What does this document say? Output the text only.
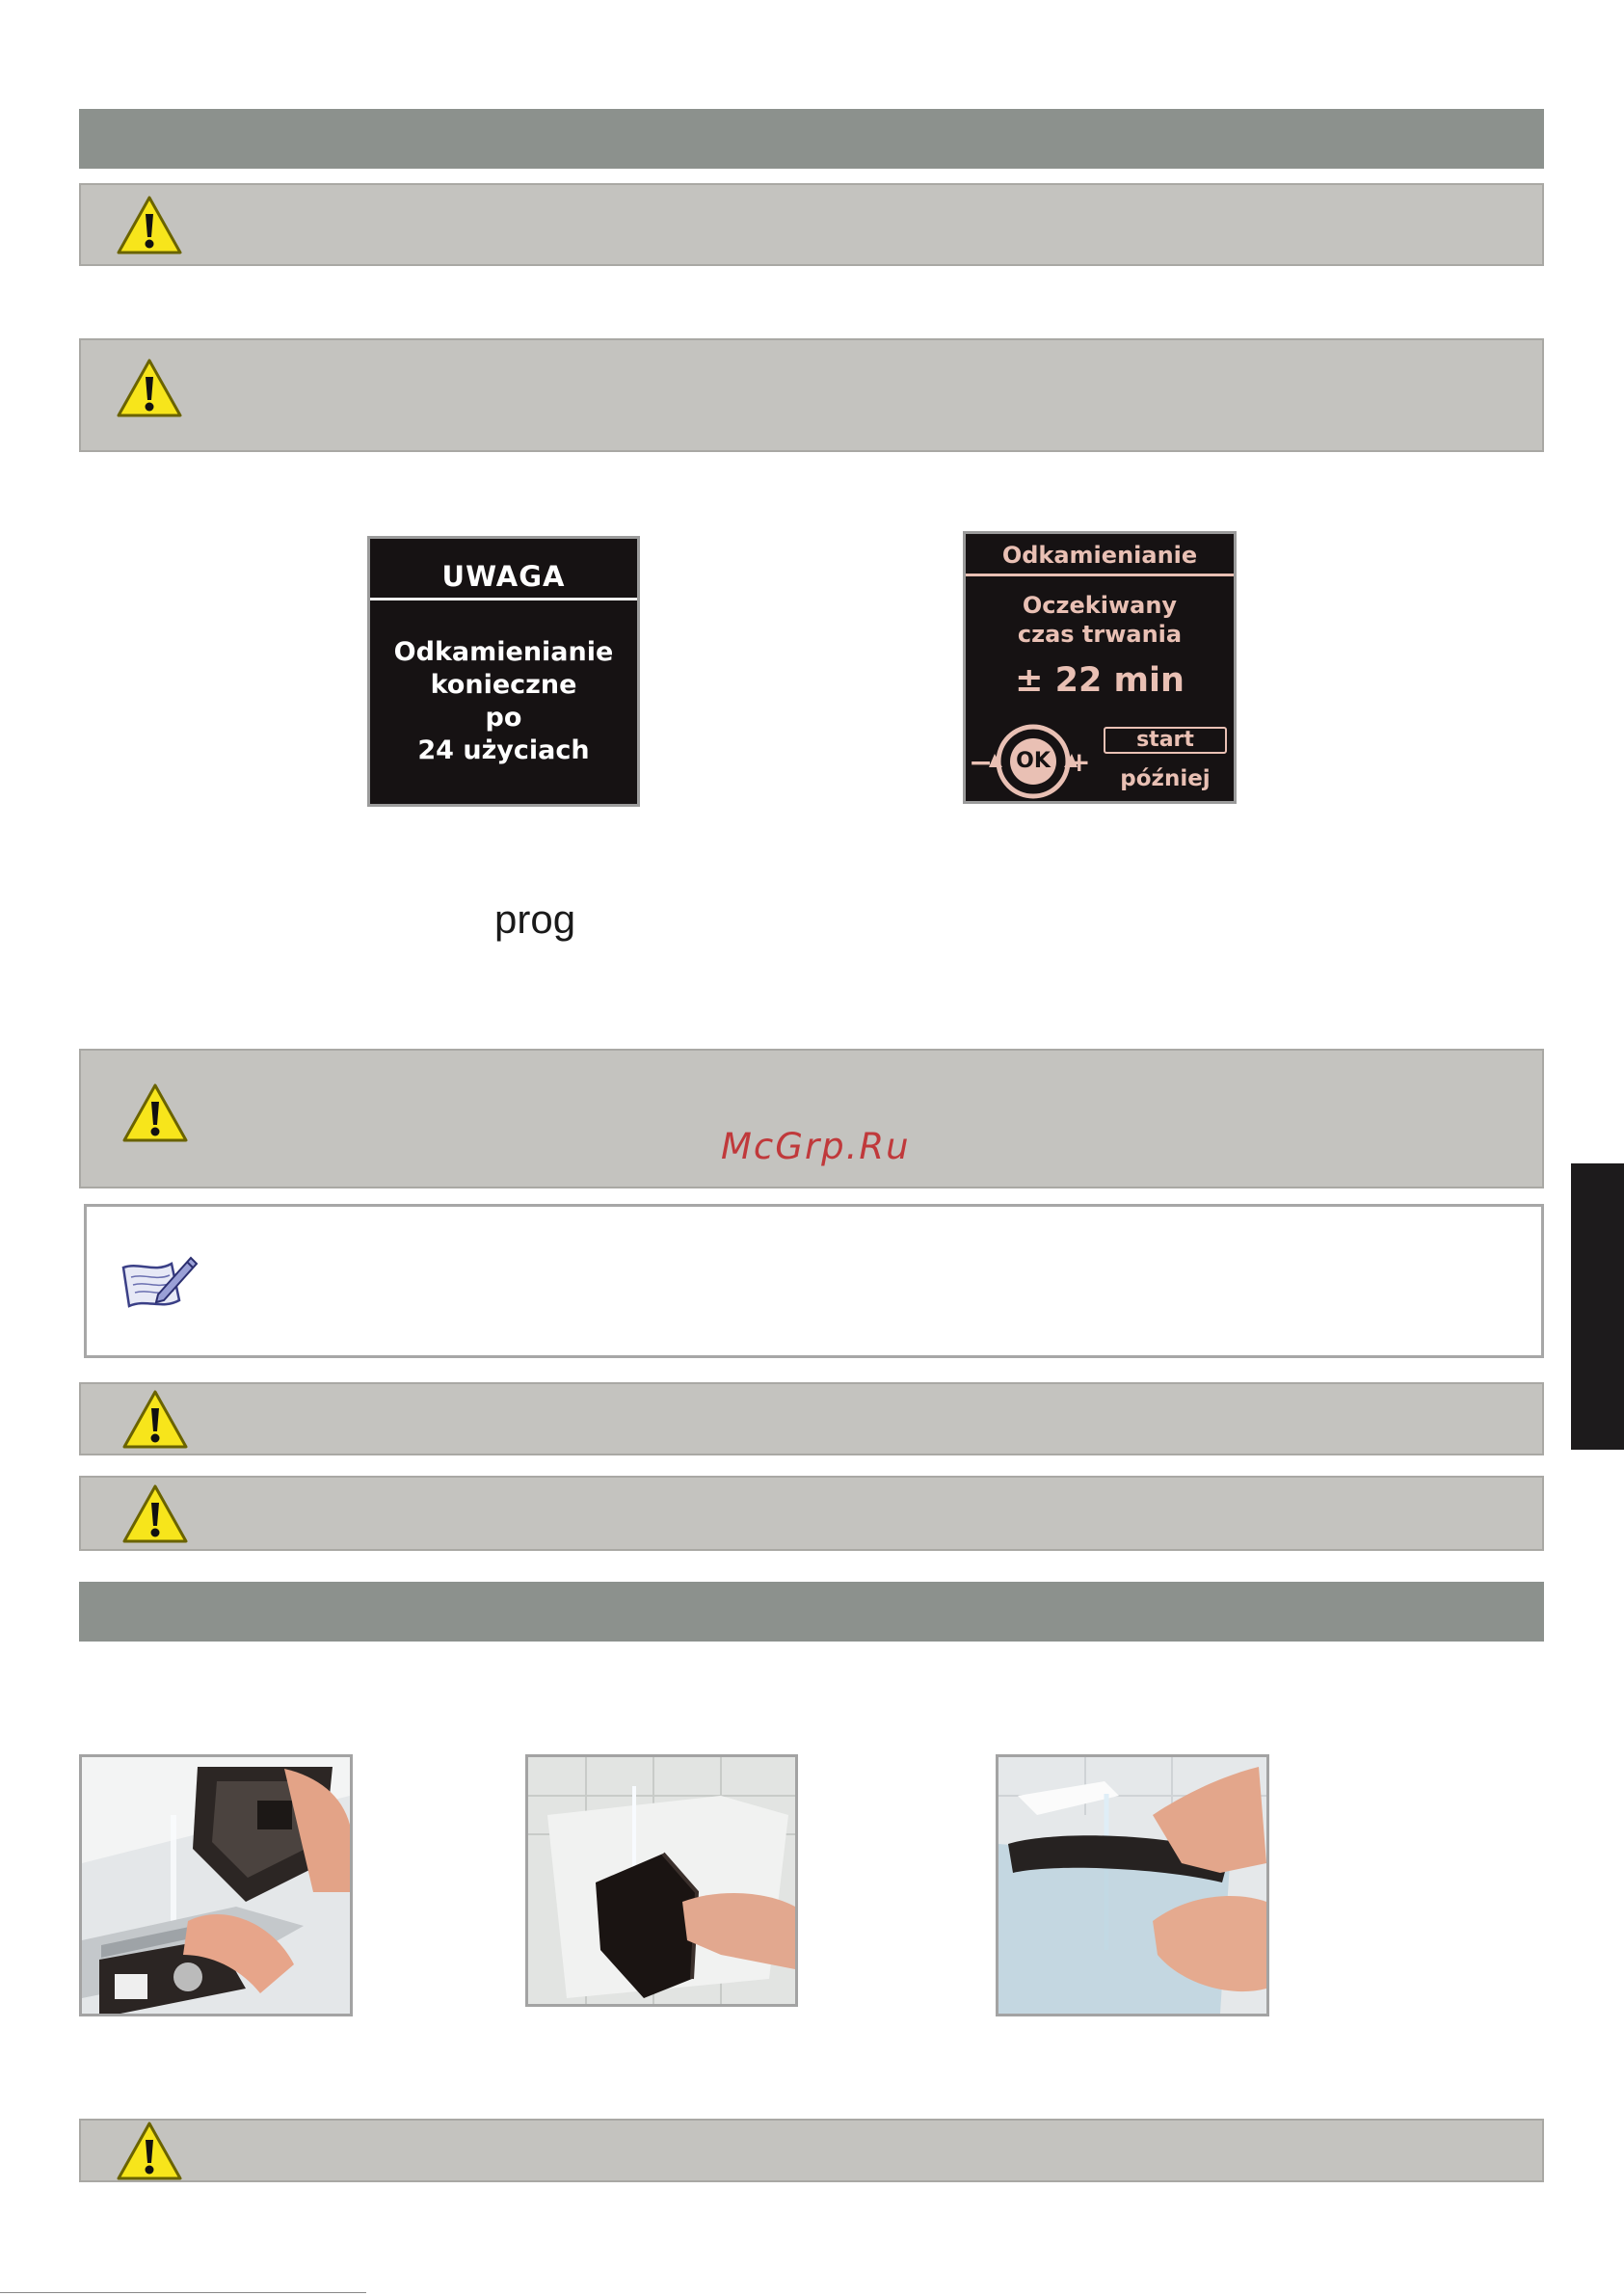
UWAGA
Odkamienianie
konieczne
po
24 użyciach
Odkamienianie
Oczekiwany
czas trwania
± 22 min
OK
−	+
start
później
prog
McGrp.Ru
